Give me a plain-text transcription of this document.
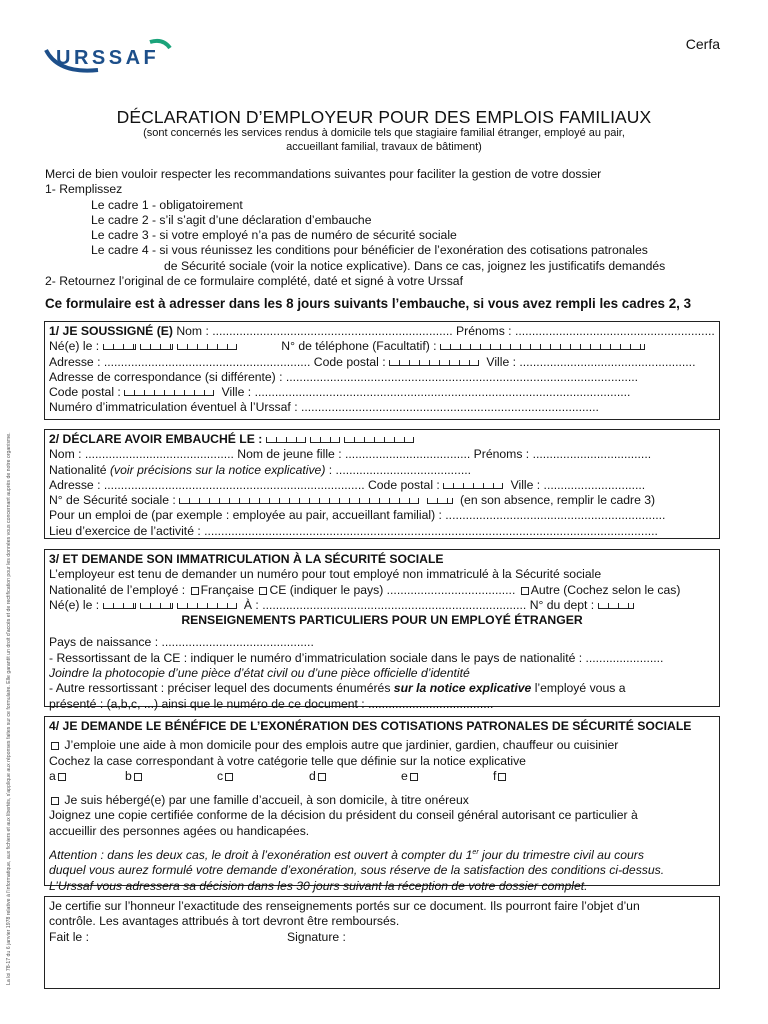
URSSAF
Cerfa
La loi 78-17 du 6 janvier 1978 relative à l'informatique, aux fichiers et aux libertés, s'applique aux réponses faites sur ce formulaire. Elle garantit un droit d'accès et de rectification pour les données vous concernant auprès de notre organisme.
DÉCLARATION D’EMPLOYEUR POUR DES EMPLOIS FAMILIAUX
(sont concernés les services rendus à domicile tels que stagiaire familial étranger, employé au pair,
accueillant familial, travaux de bâtiment)

Merci de bien vouloir respecter les recommandations suivantes pour faciliter la gestion de votre dossier

1- Remplissez

Le cadre 1 - obligatoirement

Le cadre 2 - s’il s’agit d’une déclaration d’embauche

Le cadre 3 - si votre employé n’a pas de numéro de sécurité sociale

Le cadre 4 - si vous réunissez les conditions pour bénéficier de l’exonération des cotisations patronales

de Sécurité sociale (voir la notice explicative). Dans ce cas, joignez les justificatifs demandés

2- Retournez l’original de ce formulaire complété, daté et signé à votre Urssaf

Ce formulaire est à adresser dans les 8 jours suivants l’embauche, si vous avez rempli les cadres 2, 3

1/ JE SOUSSIGNÉ (E) Nom : ....................................................................... Prénoms : ...........................................................

Né(e) le :	N° de téléphone (Facultatif) :

Adresse : ............................................................. Code postal :	Ville : ....................................................

Adresse de correspondance (si différente) : ........................................................................................................

Code postal :	Ville : ...............................................................................................................

Numéro d’immatriculation éventuel à l’Urssaf : ........................................................................................

2/ DÉCLARE AVOIR EMBAUCHÉ LE :

Nom : ............................................ Nom de jeune fille : ..................................... Prénoms : ...................................

Nationalité (voir précisions sur la notice explicative) : ........................................

Adresse : ............................................................................. Code postal :	Ville : ..............................

N° de Sécurité sociale :	(en son absence, remplir le cadre 3)

Pour un emploi de (par exemple : employée au pair, accueillant familial) : .................................................................

Lieu d’exercice de l’activité : ......................................................................................................................................

3/ ET DEMANDE SON IMMATRICULATION À LA SÉCURITÉ SOCIALE

L’employeur est tenu de demander un numéro pour tout employé non immatriculé à la Sécurité sociale

Nationalité de l’employé : Française CE (indiquer le pays) ...................................... Autre (Cochez selon le cas)

Né(e) le :	À : .............................................................................. N° du dept :

RENSEIGNEMENTS PARTICULIERS POUR UN EMPLOYÉ ÉTRANGER

Pays de naissance : .............................................

- Ressortissant de la CE : indiquer le numéro d’immatriculation sociale dans le pays de nationalité : .......................

Joindre la photocopie d’une pièce d’état civil ou d’une pièce officielle d’identité

- Autre ressortissant : préciser lequel des documents énumérés sur la notice explicative l’employé vous a

présenté : (a,b,c, ...) ainsi que le numéro de ce document : .....................................

4/ JE DEMANDE LE BÉNÉFICE DE L’EXONÉRATION DES COTISATIONS PATRONALES DE SÉCURITÉ SOCIALE

J’emploie une aide à mon domicile pour des emplois autre que jardinier, gardien, chauffeur ou cuisinier

Cochez la case correspondant à votre catégorie telle que définie sur la notice explicative

a	b	c	d	e	f

Je suis hébergé(e) par une famille d’accueil, à son domicile, à titre onéreux

Joignez une copie certifiée conforme de la décision du président du conseil général autorisant ce particulier à

accueillir des personnes agées ou handicapées.

Attention : dans les deux cas, le droit à l’exonération est ouvert à compter du 1er jour du trimestre civil au cours

duquel vous aurez formulé votre demande d’exonération, sous réserve de la satisfaction des conditions ci-dessus.

L’Urssaf vous adressera sa décision dans les 30 jours suivant la réception de votre dossier complet.

Je certifie sur l’honneur l’exactitude des renseignements portés sur ce document. Ils pourront faire l’objet d’un

contrôle. Les avantages attribués à tort devront être remboursés.

Fait le :	Signature :
